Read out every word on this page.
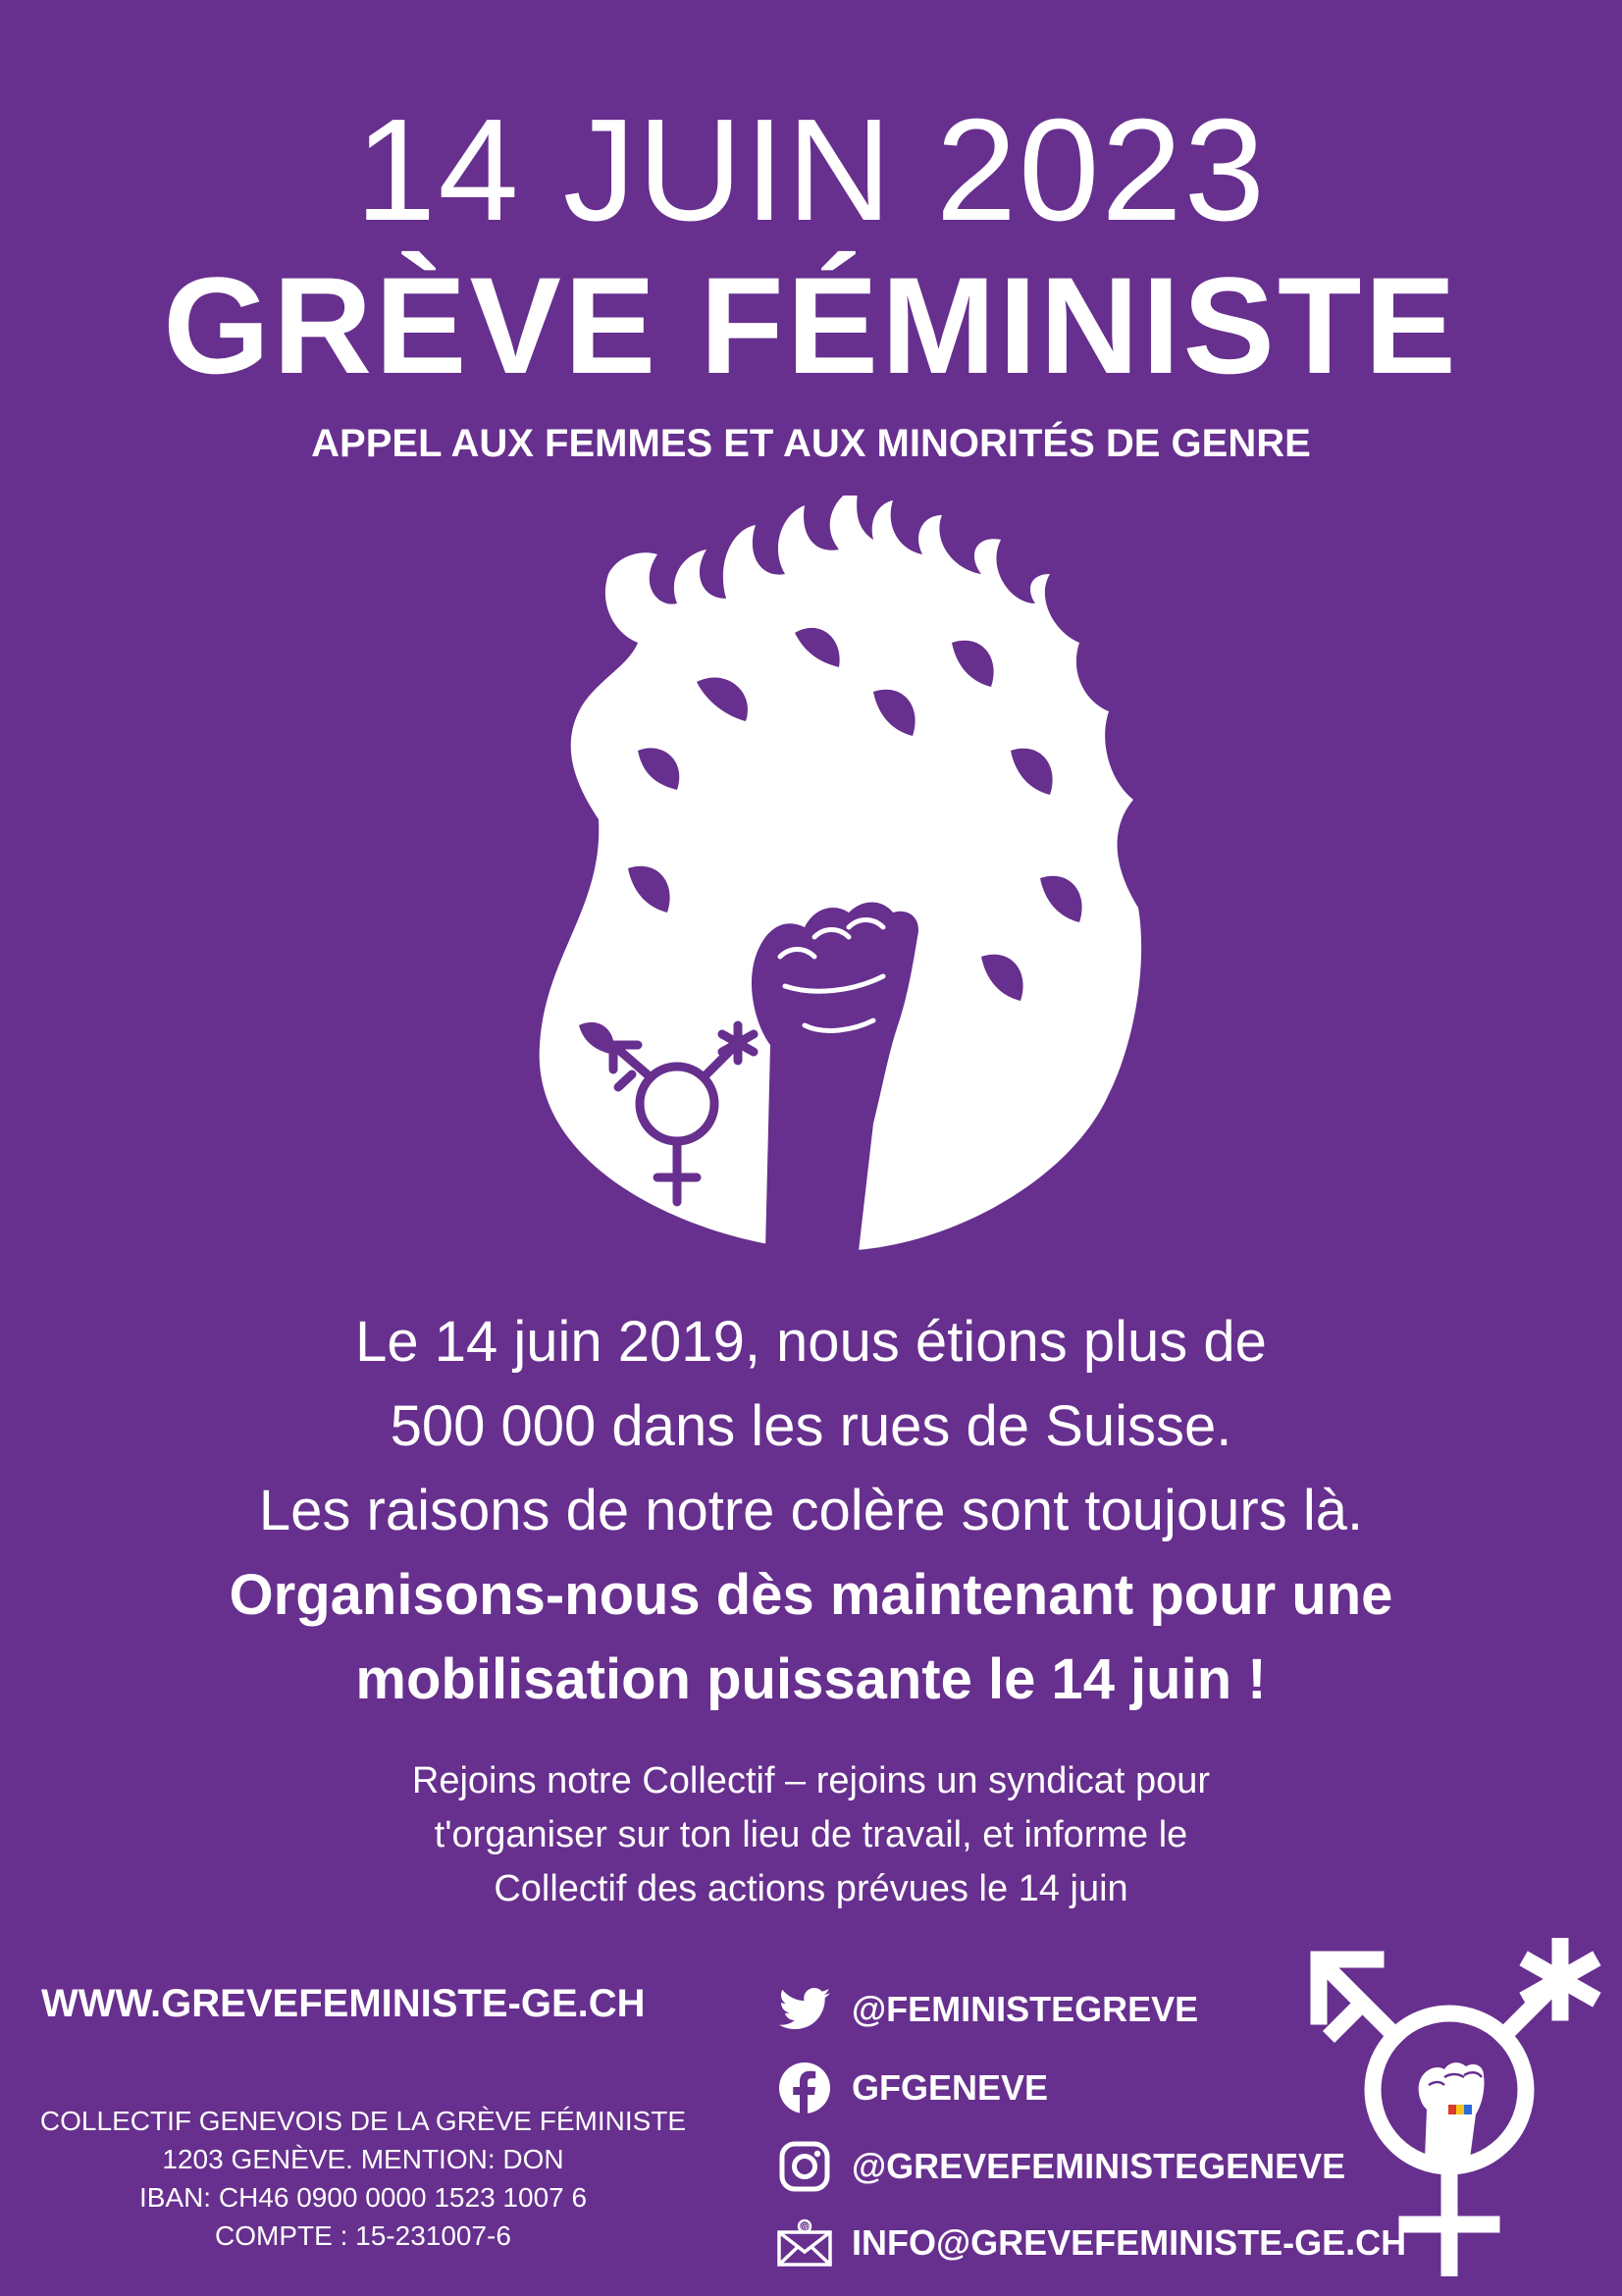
14 JUIN 2023
GRÈVE FÉMINISTE
APPEL AUX FEMMES ET AUX MINORITÉS DE GENRE
Le 14 juin 2019, nous étions plus de
500 000 dans les rues de Suisse.
Les raisons de notre colère sont toujours là.
Organisons-nous dès maintenant pour une
mobilisation puissante le 14 juin !
Rejoins notre Collectif – rejoins un syndicat pour
t'organiser sur ton lieu de travail, et informe le
Collectif des actions prévues le 14 juin
WWW.GREVEFEMINISTE-GE.CH
COLLECTIF GENEVOIS DE LA GRÈVE FÉMINISTE
1203 GENÈVE. MENTION: DON
IBAN: CH46 0900 0000 1523 1007 6
COMPTE : 15-231007-6
@FEMINISTEGREVE
GFGENEVE
@GREVEFEMINISTEGENEVE
@ INFO@GREVEFEMINISTE-GE.CH
